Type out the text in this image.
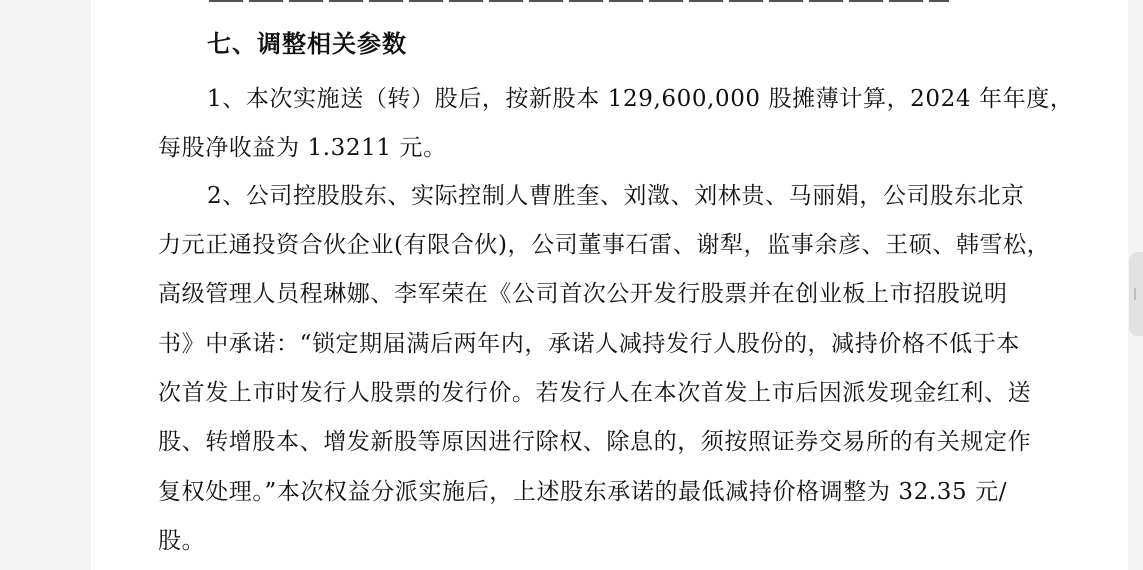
七、调整相关参数
1、本次实施送（转）股后，按新股本 129,600,000 股摊薄计算，2024 年年度，
每股净收益为 1.3211 元。
2、公司控股股东、实际控制人曹胜奎、刘澂、刘林贵、马丽娟，公司股东北京
力元正通投资合伙企业(有限合伙)，公司董事石雷、谢犁，监事余彦、王硕、韩雪松，
高级管理人员程琳娜、李军荣在《公司首次公开发行股票并在创业板上市招股说明
书》中承诺：“锁定期届满后两年内，承诺人减持发行人股份的，减持价格不低于本
次首发上市时发行人股票的发行价。若发行人在本次首发上市后因派发现金红利、送
股、转增股本、增发新股等原因进行除权、除息的，须按照证券交易所的有关规定作
复权处理。”本次权益分派实施后，上述股东承诺的最低减持价格调整为 32.35 元/
股。
